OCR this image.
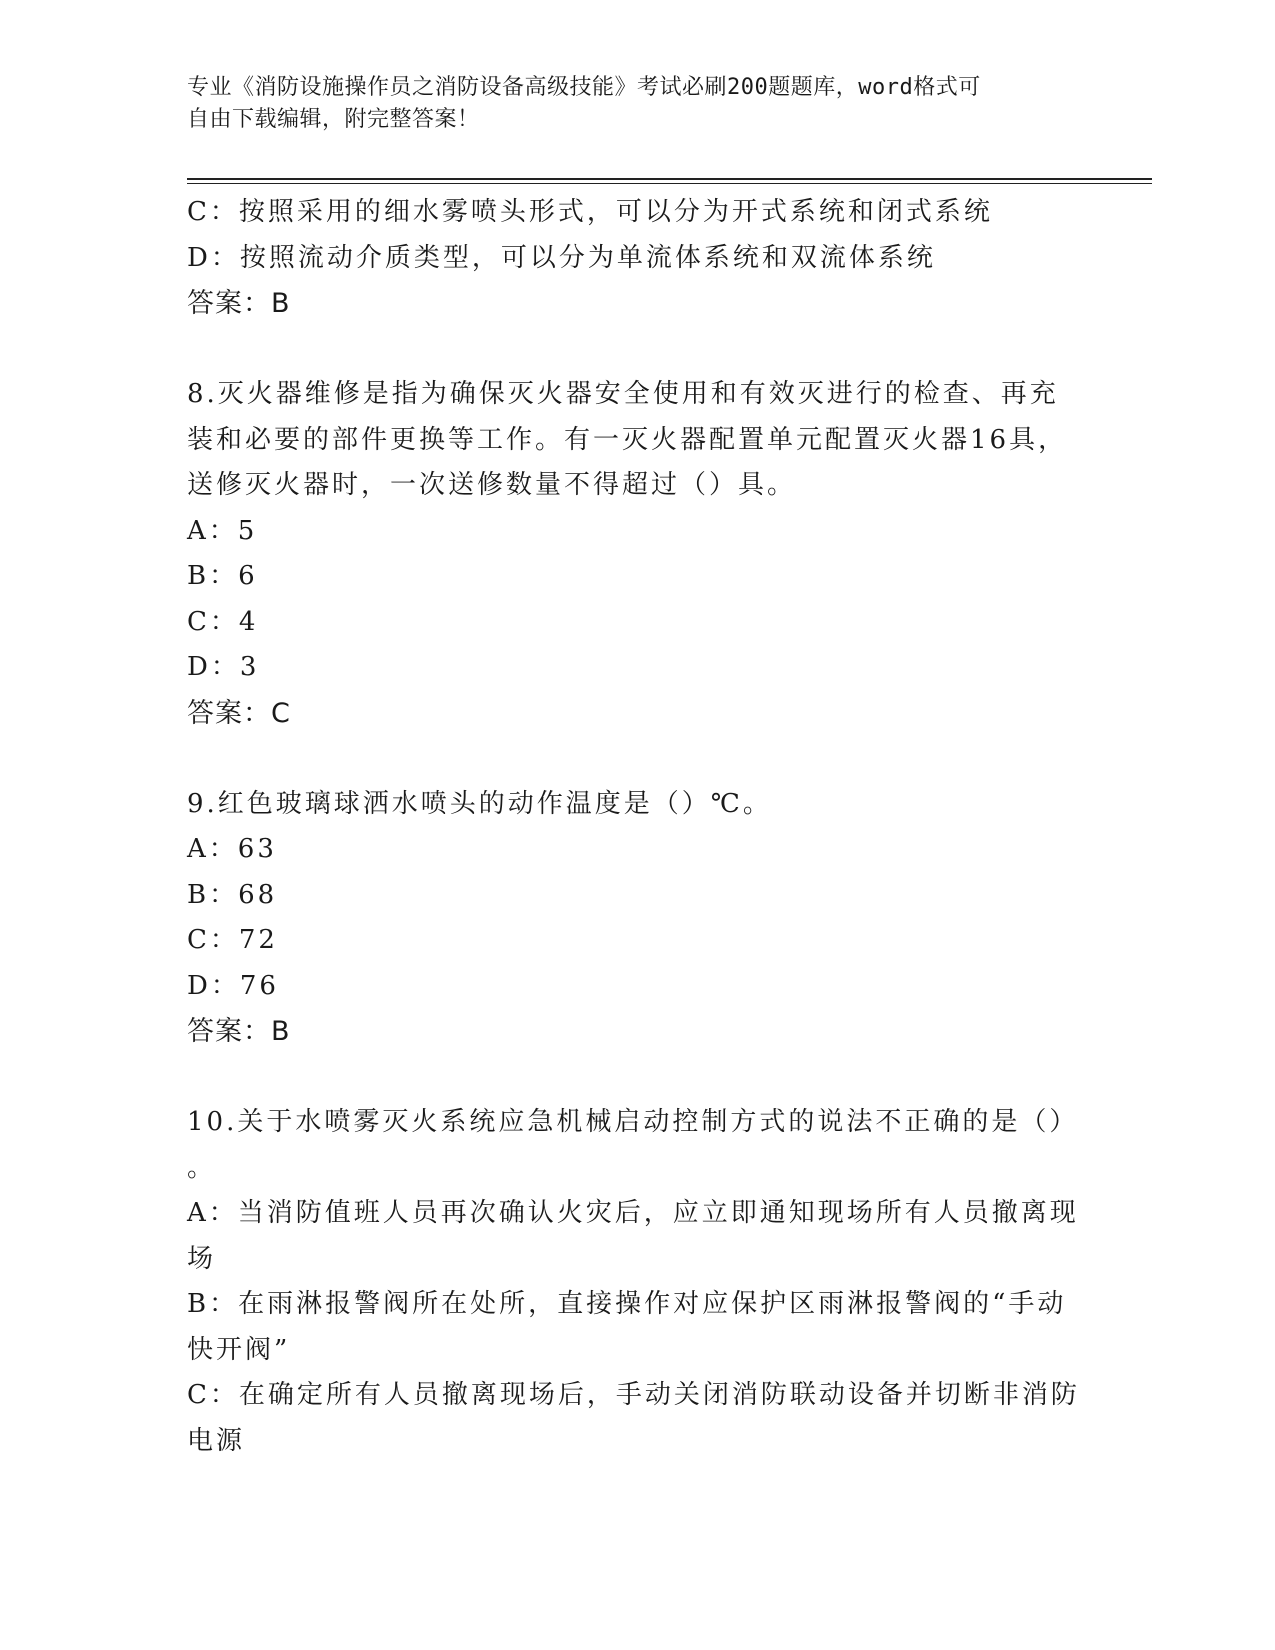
专业《消防设施操作员之消防设备高级技能》考试必刷200题题库，word格式可
自由下载编辑，附完整答案！
C：按照采用的细水雾喷头形式，可以分为开式系统和闭式系统
D：按照流动介质类型，可以分为单流体系统和双流体系统
答案：B
8.灭火器维修是指为确保灭火器安全使用和有效灭进行的检查、再充
装和必要的部件更换等工作。有一灭火器配置单元配置灭火器16具，
送修灭火器时，一次送修数量不得超过（）具。
A：5
B：6
C：4
D：3
答案：C
9.红色玻璃球洒水喷头的动作温度是（）℃。
A：63
B：68
C：72
D：76
答案：B
10.关于水喷雾灭火系统应急机械启动控制方式的说法不正确的是（）
。
A：当消防值班人员再次确认火灾后，应立即通知现场所有人员撤离现
场
B：在雨淋报警阀所在处所，直接操作对应保护区雨淋报警阀的“手动
快开阀”
C：在确定所有人员撤离现场后，手动关闭消防联动设备并切断非消防
电源
